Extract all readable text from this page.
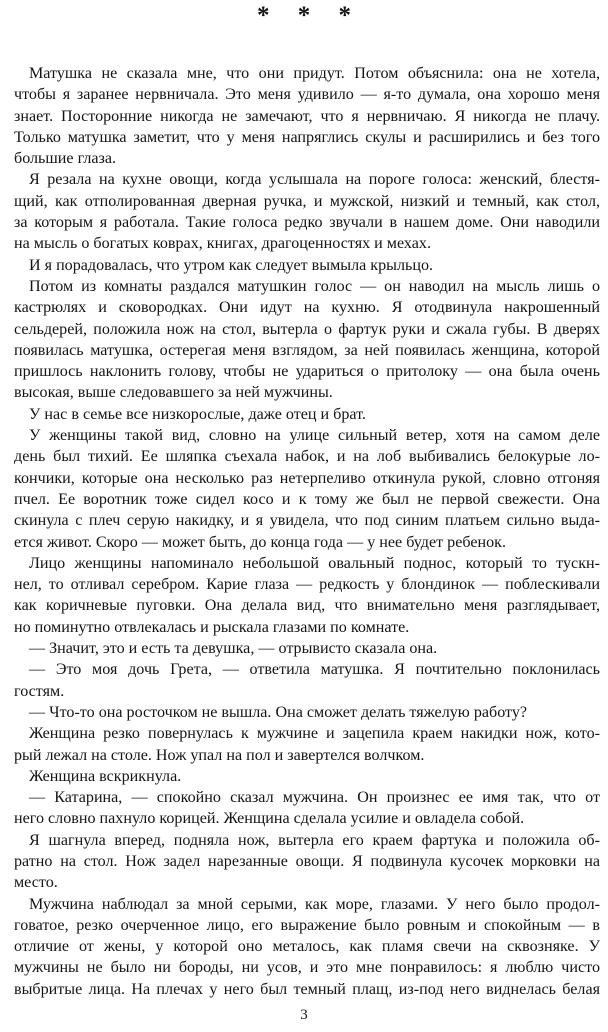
* * *
Матушка не сказала мне, что они придут. Потом объяснила: она не хотела,
чтобы я заранее нервничала. Это меня удивило — я-то думала, она хорошо меня
знает. Посторонние никогда не замечают, что я нервничаю. Я никогда не плачу.
Только матушка заметит, что у меня напряглись скулы и расширились и без того
большие глаза.
Я резала на кухне овощи, когда услышала на пороге голоса: женский, блестя-
щий, как отполированная дверная ручка, и мужской, низкий и темный, как стол,
за которым я работала. Такие голоса редко звучали в нашем доме. Они наводили
на мысль о богатых коврах, книгах, драгоценностях и мехах.
И я порадовалась, что утром как следует вымыла крыльцо.
Потом из комнаты раздался матушкин голос — он наводил на мысль лишь о
кастрюлях и сковородках. Они идут на кухню. Я отодвинула накрошенный
сельдерей, положила нож на стол, вытерла о фартук руки и сжала губы. В дверях
появилась матушка, остерегая меня взглядом, за ней появилась женщина, которой
пришлось наклонить голову, чтобы не удариться о притолоку — она была очень
высокая, выше следовавшего за ней мужчины.
У нас в семье все низкорослые, даже отец и брат.
У женщины такой вид, словно на улице сильный ветер, хотя на самом деле
день был тихий. Ее шляпка съехала набок, и на лоб выбивались белокурые ло-
кончики, которые она несколько раз нетерпеливо откинула рукой, словно отгоняя
пчел. Ее воротник тоже сидел косо и к тому же был не первой свежести. Она
скинула с плеч серую накидку, и я увидела, что под синим платьем сильно выда-
ется живот. Скоро — может быть, до конца года — у нее будет ребенок.
Лицо женщины напоминало небольшой овальный поднос, который то тускн-
нел, то отливал серебром. Карие глаза — редкость у блондинок — поблескивали
как коричневые пуговки. Она делала вид, что внимательно меня разглядывает,
но поминутно отвлекалась и рыскала глазами по комнате.
— Значит, это и есть та девушка, — отрывисто сказала она.
— Это моя дочь Грета, — ответила матушка. Я почтительно поклонилась
гостям.
— Что-то она росточком не вышла. Она сможет делать тяжелую работу?
Женщина резко повернулась к мужчине и зацепила краем накидки нож, кото-
рый лежал на столе. Нож упал на пол и завертелся волчком.
Женщина вскрикнула.
— Катарина, — спокойно сказал мужчина. Он произнес ее имя так, что от
него словно пахнуло корицей. Женщина сделала усилие и овладела собой.
Я шагнула вперед, подняла нож, вытерла его краем фартука и положила об-
ратно на стол. Нож задел нарезанные овощи. Я подвинула кусочек морковки на
место.
Мужчина наблюдал за мной серыми, как море, глазами. У него было продол-
говатое, резко очерченное лицо, его выражение было ровным и спокойным — в
отличие от жены, у которой оно металось, как пламя свечи на сквозняке. У
мужчины не было ни бороды, ни усов, и это мне понравилось: я люблю чисто
выбритые лица. На плечах у него был темный плащ, из-под него виднелась белая
3
